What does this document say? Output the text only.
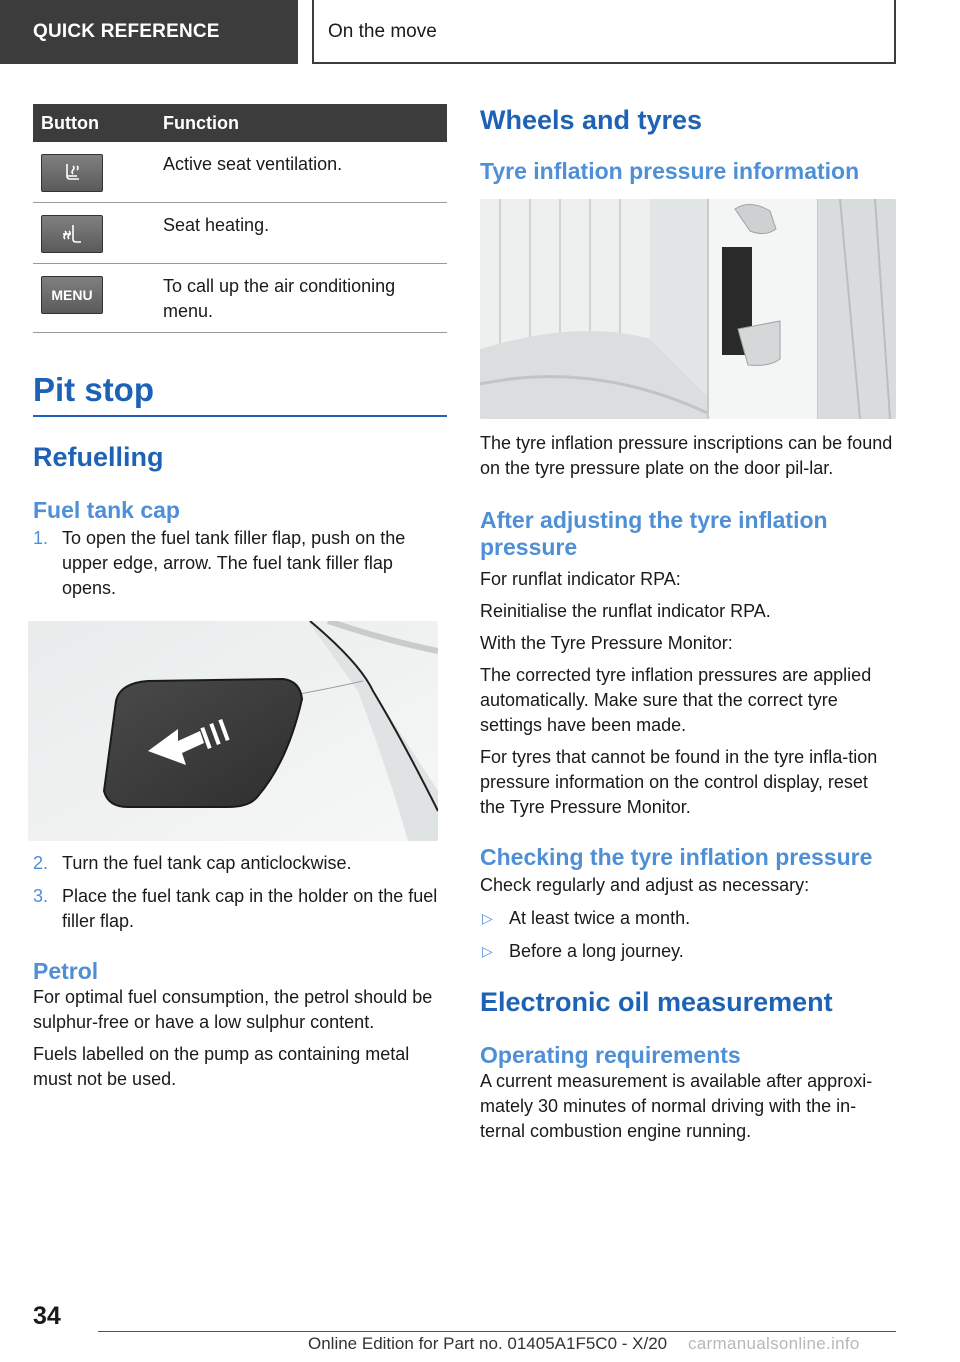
QUICK REFERENCE	On the move
Button	Function

	Active seat ventilation.

	Seat heating.

MENU	To call up the air conditioning menu.
Pit stop
Refuelling
Fuel tank cap
1. To open the fuel tank filler flap, push on the upper edge, arrow. The fuel tank filler flap opens.
2. Turn the fuel tank cap anticlockwise.
3. Place the fuel tank cap in the holder on the fuel filler flap.
Petrol
For optimal fuel consumption, the petrol should be sulphur-free or have a low sulphur content.
Fuels labelled on the pump as containing metal must not be used.
Wheels and tyres
Tyre inflation pressure information
The tyre inflation pressure inscriptions can be found on the tyre pressure plate on the door pil-lar.
After adjusting the tyre inflation pressure
For runflat indicator RPA:
Reinitialise the runflat indicator RPA.
With the Tyre Pressure Monitor:
The corrected tyre inflation pressures are applied automatically. Make sure that the correct tyre settings have been made.
For tyres that cannot be found in the tyre infla-tion pressure information on the control display, reset the Tyre Pressure Monitor.
Checking the tyre inflation pressure
Check regularly and adjust as necessary:
▷ At least twice a month.
▷ Before a long journey.
Electronic oil measurement
Operating requirements
A current measurement is available after approxi-mately 30 minutes of normal driving with the in-ternal combustion engine running.
34
Online Edition for Part no. 01405A1F5C0 - X/20 carmanualsonline.info
